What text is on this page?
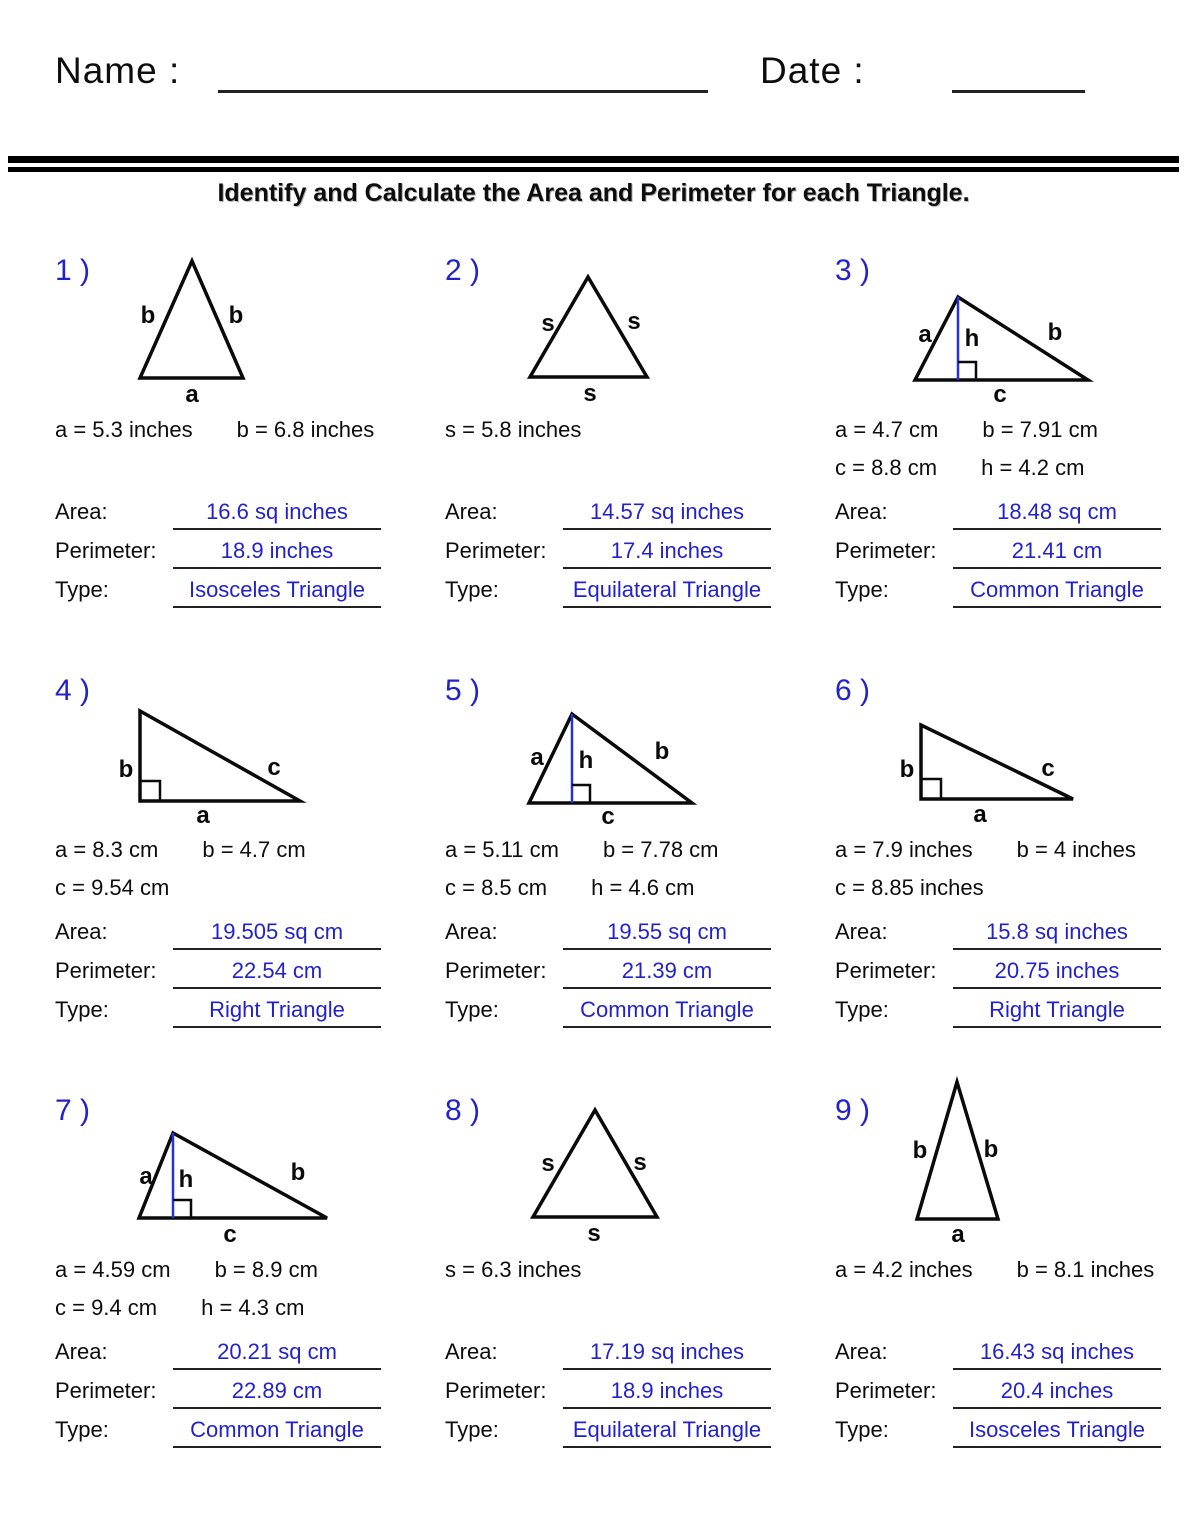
Name :	Date :
Identify and Calculate the Area and Perimeter for each Triangle.
1 )
b	b
a
a = 5.3 inches b = 6.8 inches
Area:	16.6 sq inches
Perimeter:	18.9 inches
Type:	Isosceles Triangle
2 )
s	s
s
s = 5.8 inches
Area:	14.57 sq inches
Perimeter:	17.4 inches
Type:	Equilateral Triangle
3 )
a h	b
c
a = 4.7 cm b = 7.91 cm
c = 8.8 cm h = 4.2 cm
Area:	18.48 sq cm
Perimeter:	21.41 cm
Type:	Common Triangle
4 )
b	c
a
a = 8.3 cm b = 4.7 cm
c = 9.54 cm
Area:	19.505 sq cm
Perimeter:	22.54 cm
Type:	Right Triangle
5 )
a h	b
c
a = 5.11 cm b = 7.78 cm
c = 8.5 cm h = 4.6 cm
Area:	19.55 sq cm
Perimeter:	21.39 cm
Type:	Common Triangle
6 )
b	c
a
a = 7.9 inches b = 4 inches
c = 8.85 inches
Area:	15.8 sq inches
Perimeter:	20.75 inches
Type:	Right Triangle
7 )
a h	b
c
a = 4.59 cm b = 8.9 cm
c = 9.4 cm h = 4.3 cm
Area:	20.21 sq cm
Perimeter:	22.89 cm
Type:	Common Triangle
8 )
s	s
s
s = 6.3 inches
Area:	17.19 sq inches
Perimeter:	18.9 inches
Type:	Equilateral Triangle
9 )
b b
a
a = 4.2 inches b = 8.1 inches
Area:	16.43 sq inches
Perimeter:	20.4 inches
Type:	Isosceles Triangle
